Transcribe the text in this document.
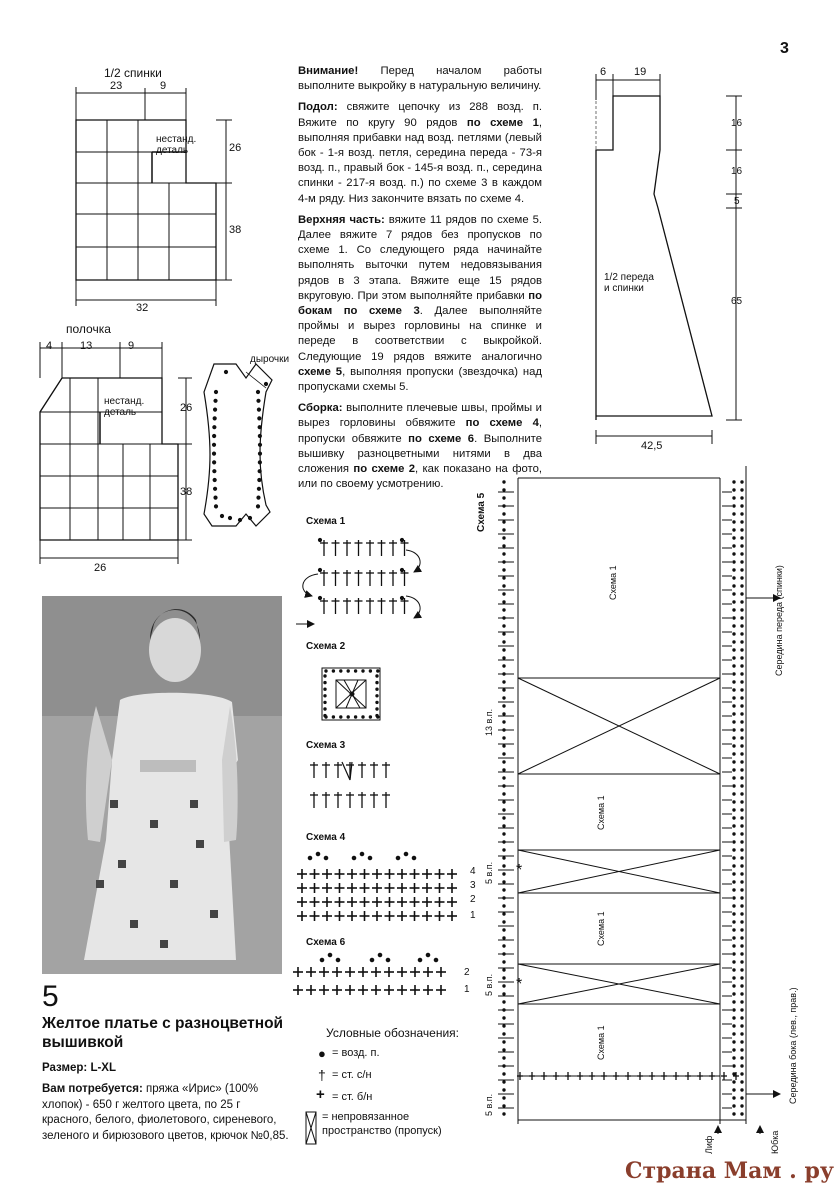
3

Внимание! Перед началом работы выполните выкройку в натуральную величину.

Подол: свяжите цепочку из 288 возд. п. Вяжите по кругу 90 рядов по схеме 1, выполняя прибавки над возд. петлями (левый бок - 1-я возд. петля, середина переда - 73-я возд. п., правый бок - 145-я возд. п., середина спинки - 217-я возд. п.) по схеме 3 в каждом 4-м ряду. Низ закончите вязать по схеме 4.

Верхняя часть: вяжите 11 рядов по схеме 5. Далее вяжите 7 рядов без пропусков по схеме 1. Со следующего ряда начинайте выполнять выточки путем недовязывания рядов в 3 этапа. Вяжите еще 15 рядов вкруговую. При этом выполняйте прибавки по бокам по схеме 3. Далее выполняйте проймы и вырез горловины на спинке и переде в соответствии с выкройкой. Следующие 19 рядов вяжите аналогично схеме 5, выполняя пропуски (звездочка) над пропусками схемы 5.

Сборка: выполните плечевые швы, проймы и вырез горловины обвяжите по схеме 4, пропуски обвяжите по схеме 6. Выполните вышивку разноцветными нитями в два сложения по схеме 2, как показано на фото, или по своему усмотрению.

1/2 спинки
23	9
26
38
32
нестанд. деталь
полочка
4	13	9
26
38
26
нестанд. деталь
дырочки
6	19
16
16
5
65
42,5
1/2 переда и спинки
Схема 1
Схема 2
Схема 3
Схема 4
Схема 6
Схема 5
4
3
2
1
2
1
Схема 1
Схема 1
Схема 1
Схема 1
13 в.п.
5 в.п.
5 в.п.
5 в.п.
Середина переда (спинки)
Середина бока (лев., прав.)
Лиф	Юбка
*
*
5
Желтое платье с разноцветной вышивкой
Размер: L-XL
Вам потребуется: пряжа «Ирис» (100% хлопок) - 650 г желтого цвета, по 25 г красного, белого, фиолетового, сиреневого, зеленого и бирюзового цветов, крючок №0,85.
Условные обозначения:
● = возд. п.
† = ст. с/н
+ = ст. б/н
= непровязанное пространство (пропуск)
Страна Мам . ру
